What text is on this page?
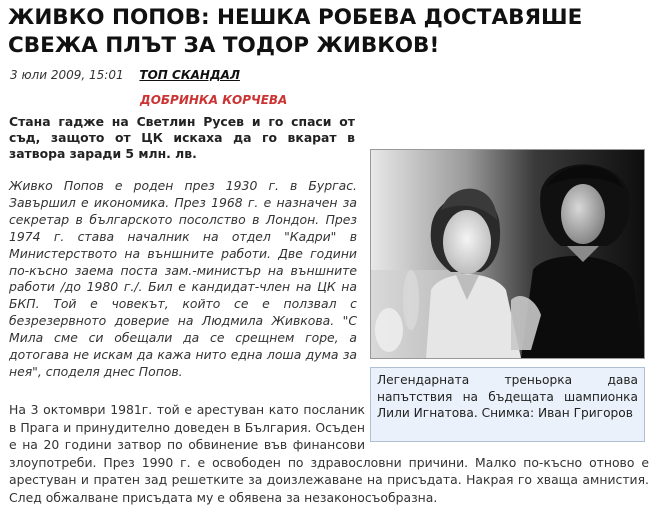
ЖИВКО ПОПОВ: НЕШКА РОБЕВА ДОСТАВЯШЕ СВЕЖА ПЛЪТ ЗА ТОДОР ЖИВКОВ!
3 юли 2009, 15:01 ТОП СКАНДАЛ
ДОБРИНКА КОРЧЕВА

Стана гадже на Светлин Русев и го спаси от съд, защото от ЦК искаха да го вкарат в затвора заради 5 млн. лв.

Живко Попов е роден през 1930 г. в Бургас. Завършил е икономика. През 1968 г. е назначен за секретар в българското посолство в Лондон. През 1974 г. става началник на отдел "Кадри" в Министерството на външните работи. Две години по-късно заема поста зам.-министър на външните работи /до 1980 г./. Бил е кандидат-член на ЦК на БКП. Той е човекът, който се е ползвал с безрезервното доверие на Людмила Живкова. "С Мила сме си обещали да се срещнем горе, а дотогава не искам да кажа нито една лоша дума за нея", споделя днес Попов.

На 3 октомври 1981г. той е арестуван като посланик в Прага и принудително доведен в България. Осъден е на 20 години затвор по обвинение във финансови злоупотреби. През 1990 г. е освободен по здравословни причини. Малко по-късно отново е арестуван и пратен зад решетките за доизлежаване на присъдата. Накрая го хваща амнистия. След обжалване присъдата му е обявена за незаконосъобразна.

Легендарната треньорка дава напътствия на бъдещата шампионка Лили Игнатова. Снимка: Иван Григоров
